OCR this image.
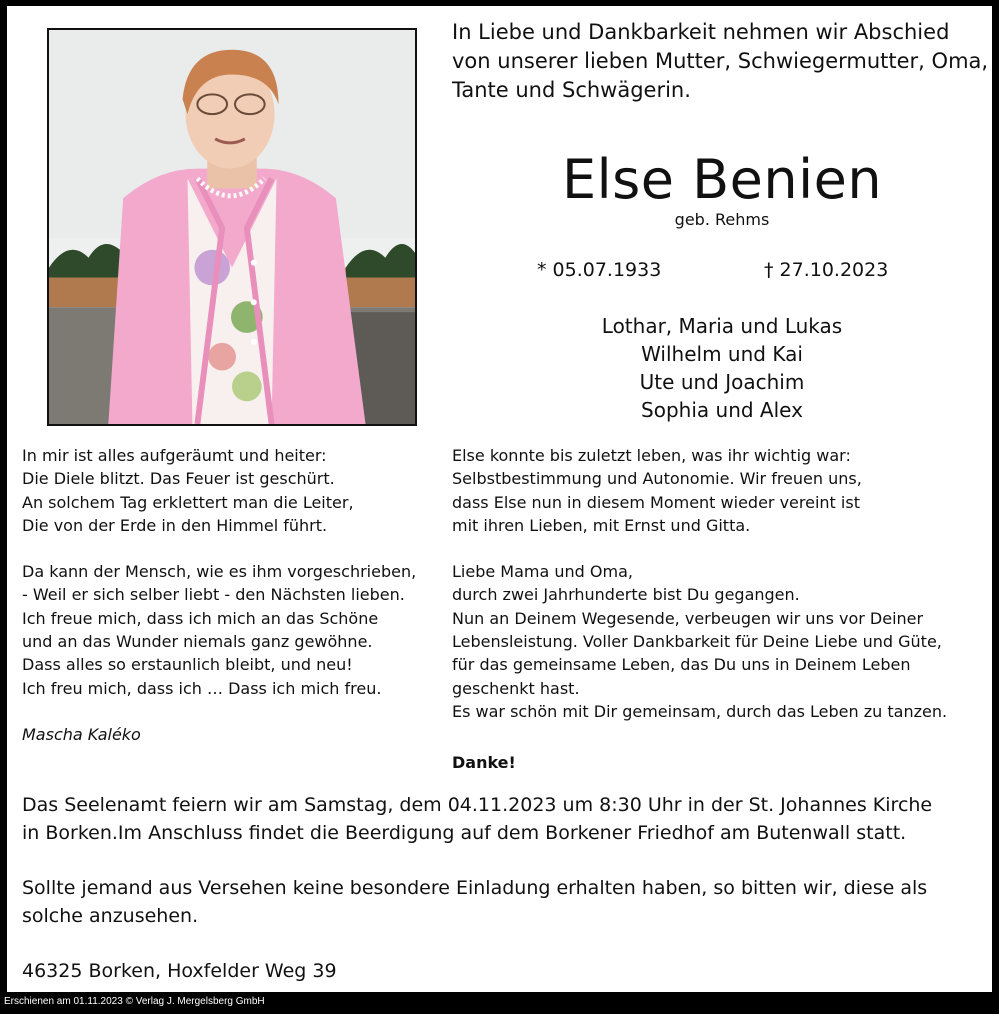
In Liebe und Dankbarkeit nehmen wir Abschied
von unserer lieben Mutter, Schwiegermutter, Oma,
Tante und Schwägerin.
Else Benien
geb. Rehms
* 05.07.1933	† 27.10.2023
Lothar, Maria und Lukas
Wilhelm und Kai
Ute und Joachim
Sophia und Alex
In mir ist alles aufgeräumt und heiter:
Die Diele blitzt. Das Feuer ist geschürt.
An solchem Tag erklettert man die Leiter,
Die von der Erde in den Himmel führt.
Da kann der Mensch, wie es ihm vorgeschrieben,
- Weil er sich selber liebt - den Nächsten lieben.
Ich freue mich, dass ich mich an das Schöne
und an das Wunder niemals ganz gewöhne.
Dass alles so erstaunlich bleibt, und neu!
Ich freu mich, dass ich … Dass ich mich freu.
Mascha Kaléko
Else konnte bis zuletzt leben, was ihr wichtig war:
Selbstbestimmung und Autonomie. Wir freuen uns,
dass Else nun in diesem Moment wieder vereint ist
mit ihren Lieben, mit Ernst und Gitta.
Liebe Mama und Oma,
durch zwei Jahrhunderte bist Du gegangen.
Nun an Deinem Wegesende, verbeugen wir uns vor Deiner
Lebensleistung. Voller Dankbarkeit für Deine Liebe und Güte,
für das gemeinsame Leben, das Du uns in Deinem Leben
geschenkt hast.
Es war schön mit Dir gemeinsam, durch das Leben zu tanzen.
Danke!
Das Seelenamt feiern wir am Samstag, dem 04.11.2023 um 8:30 Uhr in der St. Johannes Kirche
in Borken.Im Anschluss findet die Beerdigung auf dem Borkener Friedhof am Butenwall statt.
Sollte jemand aus Versehen keine besondere Einladung erhalten haben, so bitten wir, diese als
solche anzusehen.
46325 Borken, Hoxfelder Weg 39
Erschienen am 01.11.2023 © Verlag J. Mergelsberg GmbH
